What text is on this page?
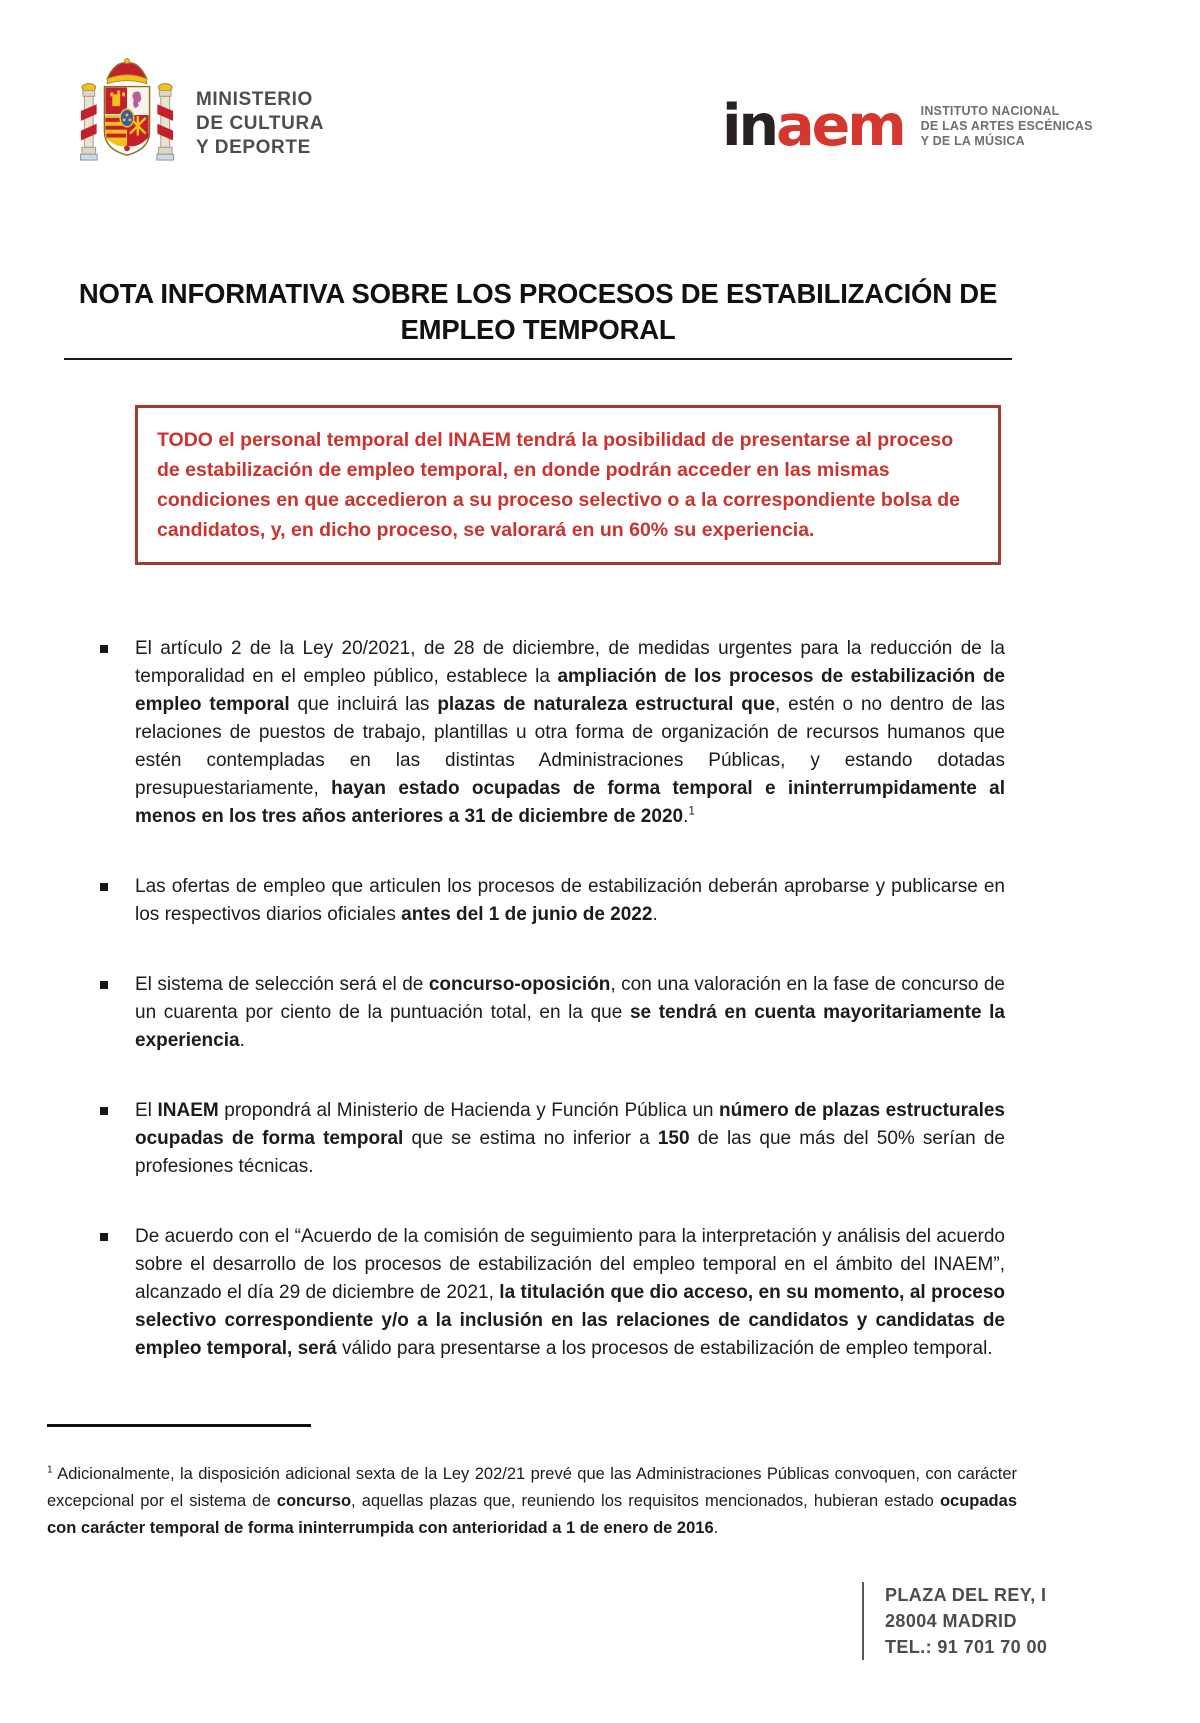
MINISTERIO
DE CULTURA
Y DEPORTE	inaem INSTITUTO NACIONAL
DE LAS ARTES ESCÉNICAS
Y DE LA MÚSICA
NOTA INFORMATIVA SOBRE LOS PROCESOS DE ESTABILIZACIÓN DE
EMPLEO TEMPORAL
TODO el personal temporal del INAEM tendrá la posibilidad de presentarse al proceso de estabilización de empleo temporal, en donde podrán acceder en las mismas condiciones en que accedieron a su proceso selectivo o a la correspondiente bolsa de candidatos, y, en dicho proceso, se valorará en un 60% su experiencia.
El artículo 2 de la Ley 20/2021, de 28 de diciembre, de medidas urgentes para la reducción de la temporalidad en el empleo público, establece la ampliación de los procesos de estabilización de empleo temporal que incluirá las plazas de naturaleza estructural que, estén o no dentro de las relaciones de puestos de trabajo, plantillas u otra forma de organización de recursos humanos que estén contempladas en las distintas Administraciones Públicas, y estando dotadas presupuestariamente, hayan estado ocupadas de forma temporal e ininterrumpidamente al menos en los tres años anteriores a 31 de diciembre de 2020.$^1$
Las ofertas de empleo que articulen los procesos de estabilización deberán aprobarse y publicarse en los respectivos diarios oficiales antes del 1 de junio de 2022.
El sistema de selección será el de concurso-oposición, con una valoración en la fase de concurso de un cuarenta por ciento de la puntuación total, en la que se tendrá en cuenta mayoritariamente la experiencia.
El INAEM propondrá al Ministerio de Hacienda y Función Pública un número de plazas estructurales ocupadas de forma temporal que se estima no inferior a 150 de las que más del 50% serían de profesiones técnicas.
De acuerdo con el “Acuerdo de la comisión de seguimiento para la interpretación y análisis del acuerdo sobre el desarrollo de los procesos de estabilización del empleo temporal en el ámbito del INAEM”, alcanzado el día 29 de diciembre de 2021, la titulación que dio acceso, en su momento, al proceso selectivo correspondiente y/o a la inclusión en las relaciones de candidatos y candidatas de empleo temporal, será válido para presentarse a los procesos de estabilización de empleo temporal.
$^1$ Adicionalmente, la disposición adicional sexta de la Ley 202/21 prevé que las Administraciones Públicas convoquen, con carácter excepcional por el sistema de concurso, aquellas plazas que, reuniendo los requisitos mencionados, hubieran estado ocupadas con carácter temporal de forma ininterrumpida con anterioridad a 1 de enero de 2016.
PLAZA DEL REY, I
28004 MADRID
TEL.: 91 701 70 00
